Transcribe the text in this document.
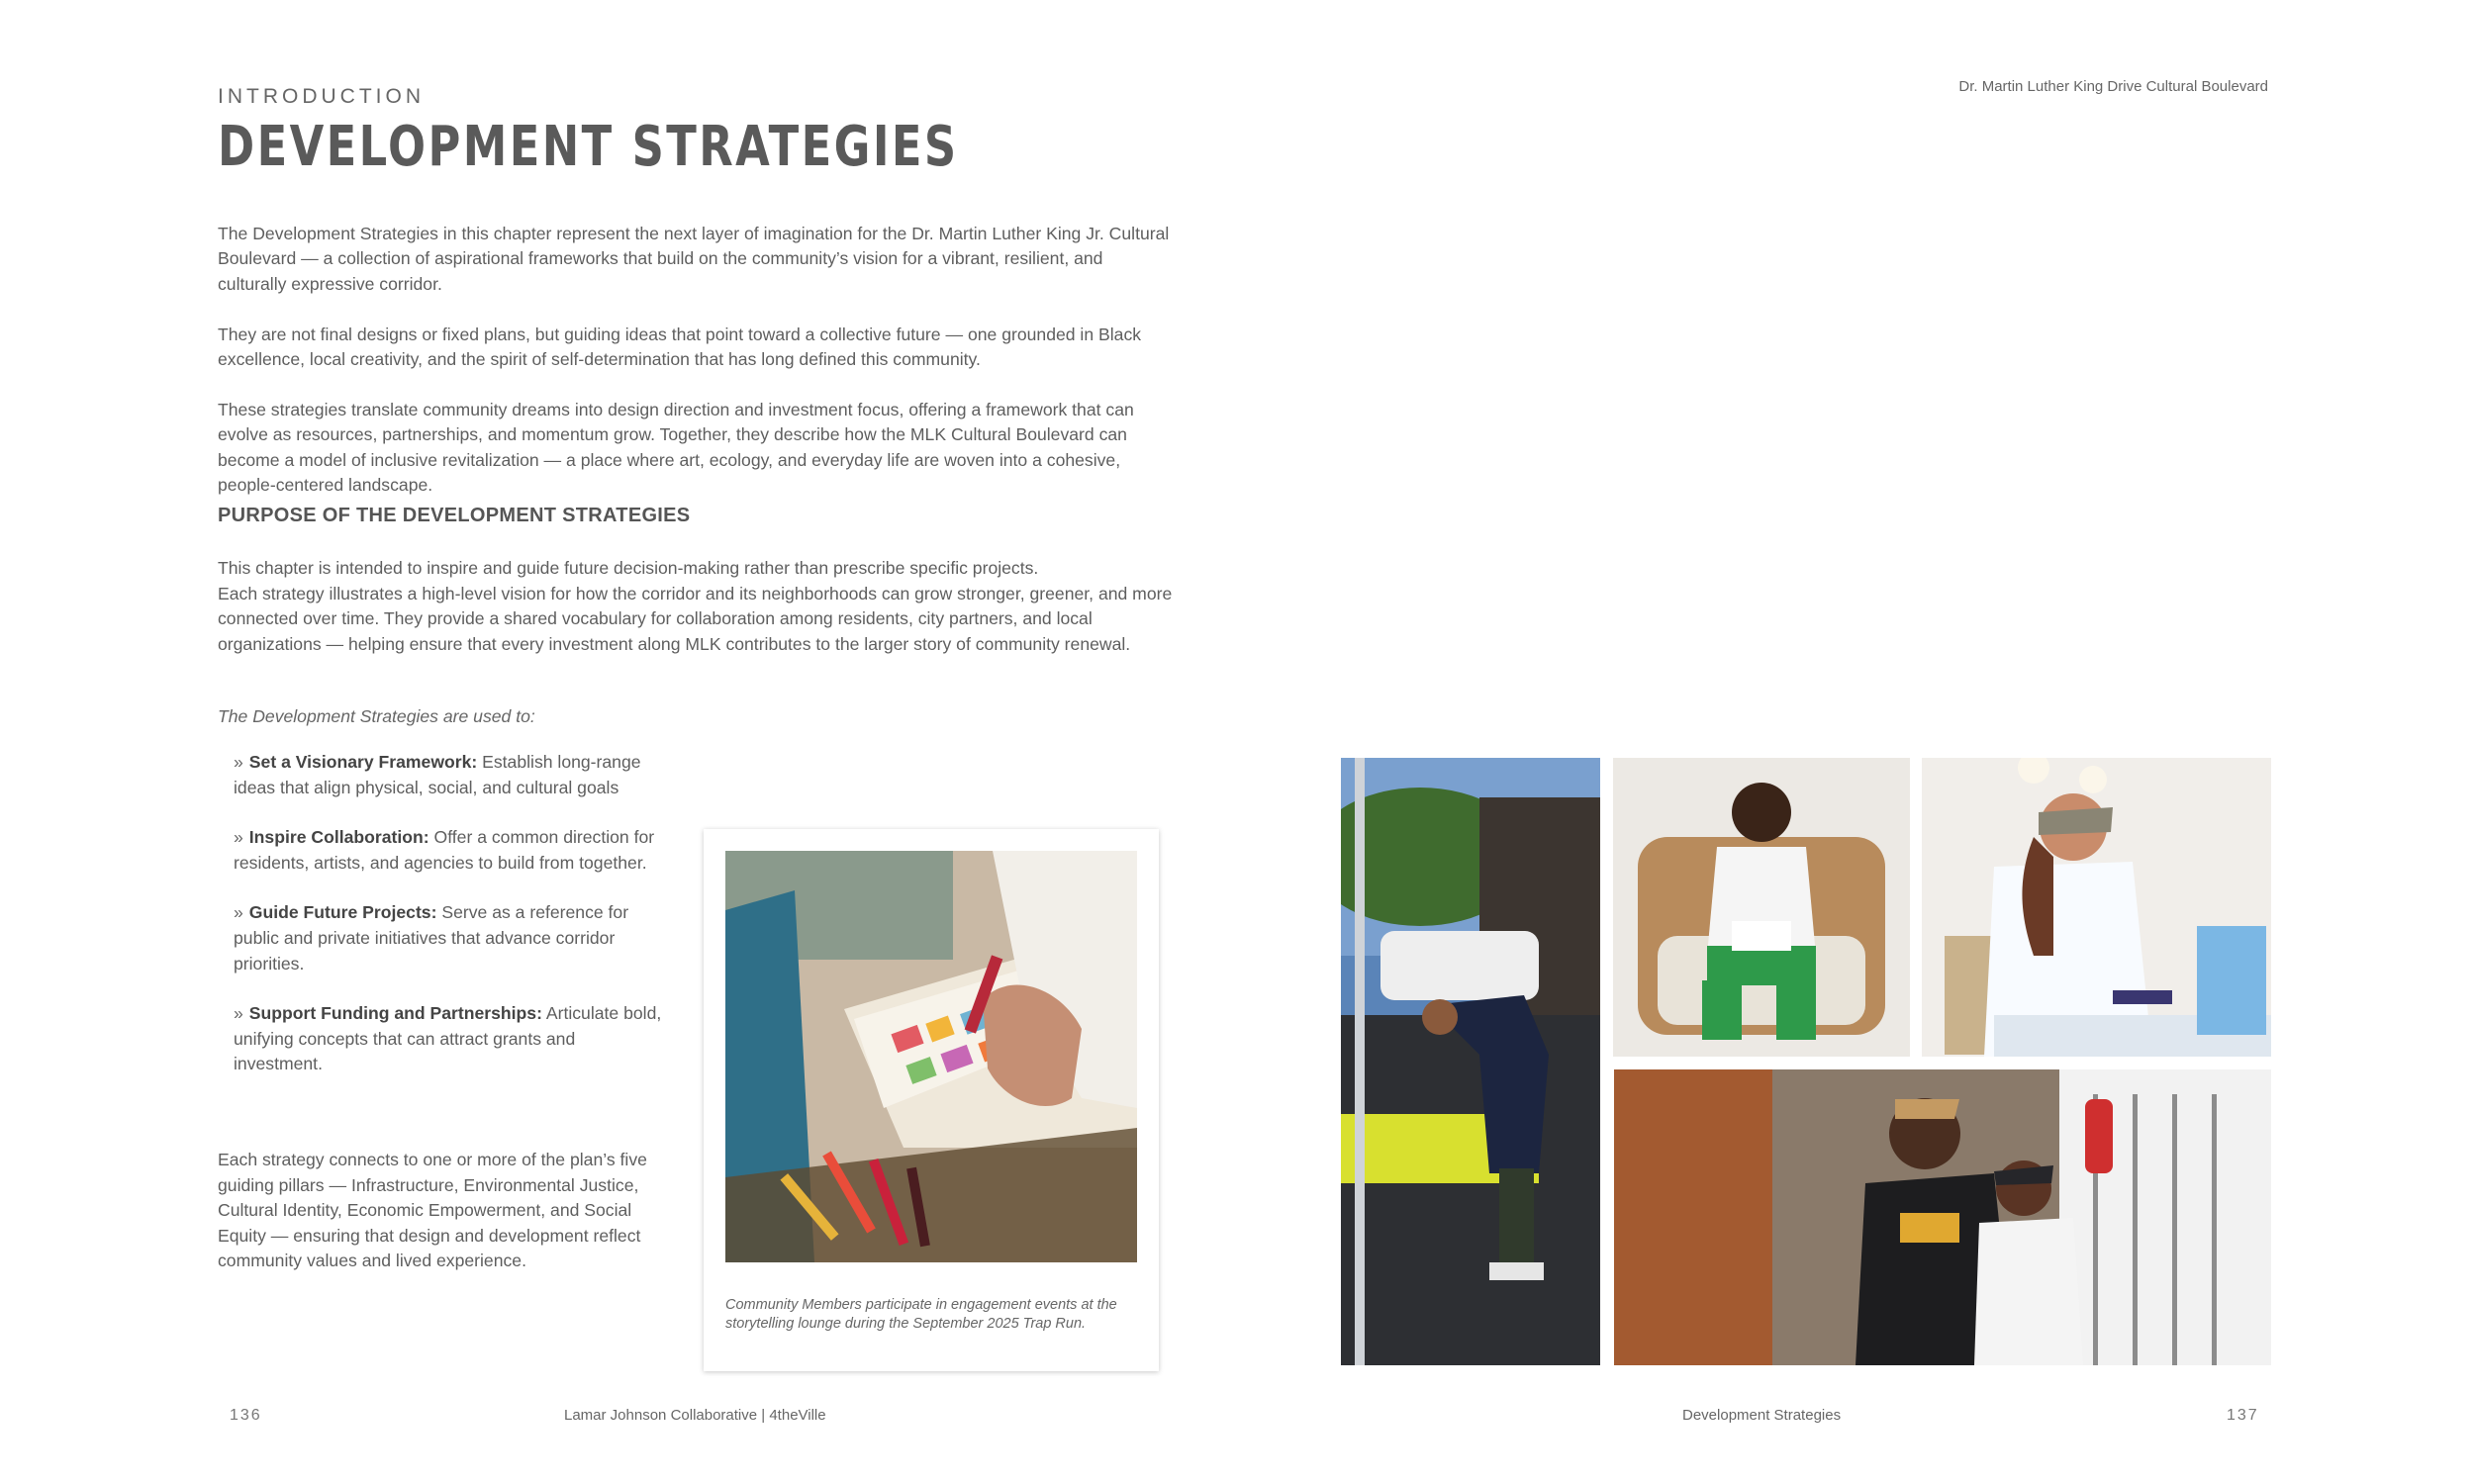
INTRODUCTION
DEVELOPMENT STRATEGIES
Dr. Martin Luther King Drive Cultural Boulevard

The Development Strategies in this chapter represent the next layer of imagination for the Dr. Martin Luther King Jr. Cultural Boulevard — a collection of aspirational frameworks that build on the community’s vision for a vibrant, resilient, and culturally expressive corridor.

They are not final designs or fixed plans, but guiding ideas that point toward a collective future — one grounded in Black excellence, local creativity, and the spirit of self-determination that has long defined this community.

These strategies translate community dreams into design direction and investment focus, offering a framework that can evolve as resources, partnerships, and momentum grow. Together, they describe how the MLK Cultural Boulevard can become a model of inclusive revitalization — a place where art, ecology, and everyday life are woven into a cohesive, people-centered landscape.

PURPOSE OF THE DEVELOPMENT STRATEGIES
This chapter is intended to inspire and guide future decision-making rather than prescribe specific projects.
Each strategy illustrates a high-level vision for how the corridor and its neighborhoods can grow stronger, greener, and more connected over time. They provide a shared vocabulary for collaboration among residents, city partners, and local organizations — helping ensure that every investment along MLK contributes to the larger story of community renewal.
The Development Strategies are used to:
» Set a Visionary Framework: Establish long-range ideas that align physical, social, and cultural goals
» Inspire Collaboration: Offer a common direction for residents, artists, and agencies to build from together.
» Guide Future Projects: Serve as a reference for public and private initiatives that advance corridor priorities.
» Support Funding and Partnerships: Articulate bold, unifying concepts that can attract grants and investment.

Each strategy connects to one or more of the plan’s five guiding pillars — Infrastructure, Environmental Justice, Cultural Identity, Economic Empowerment, and Social Equity — ensuring that design and development reflect community values and lived experience.

Community Members participate in engagement events at the storytelling lounge during the September 2025 Trap Run.

136	Lamar Johnson Collaborative | 4theVille	Development Strategies	137
